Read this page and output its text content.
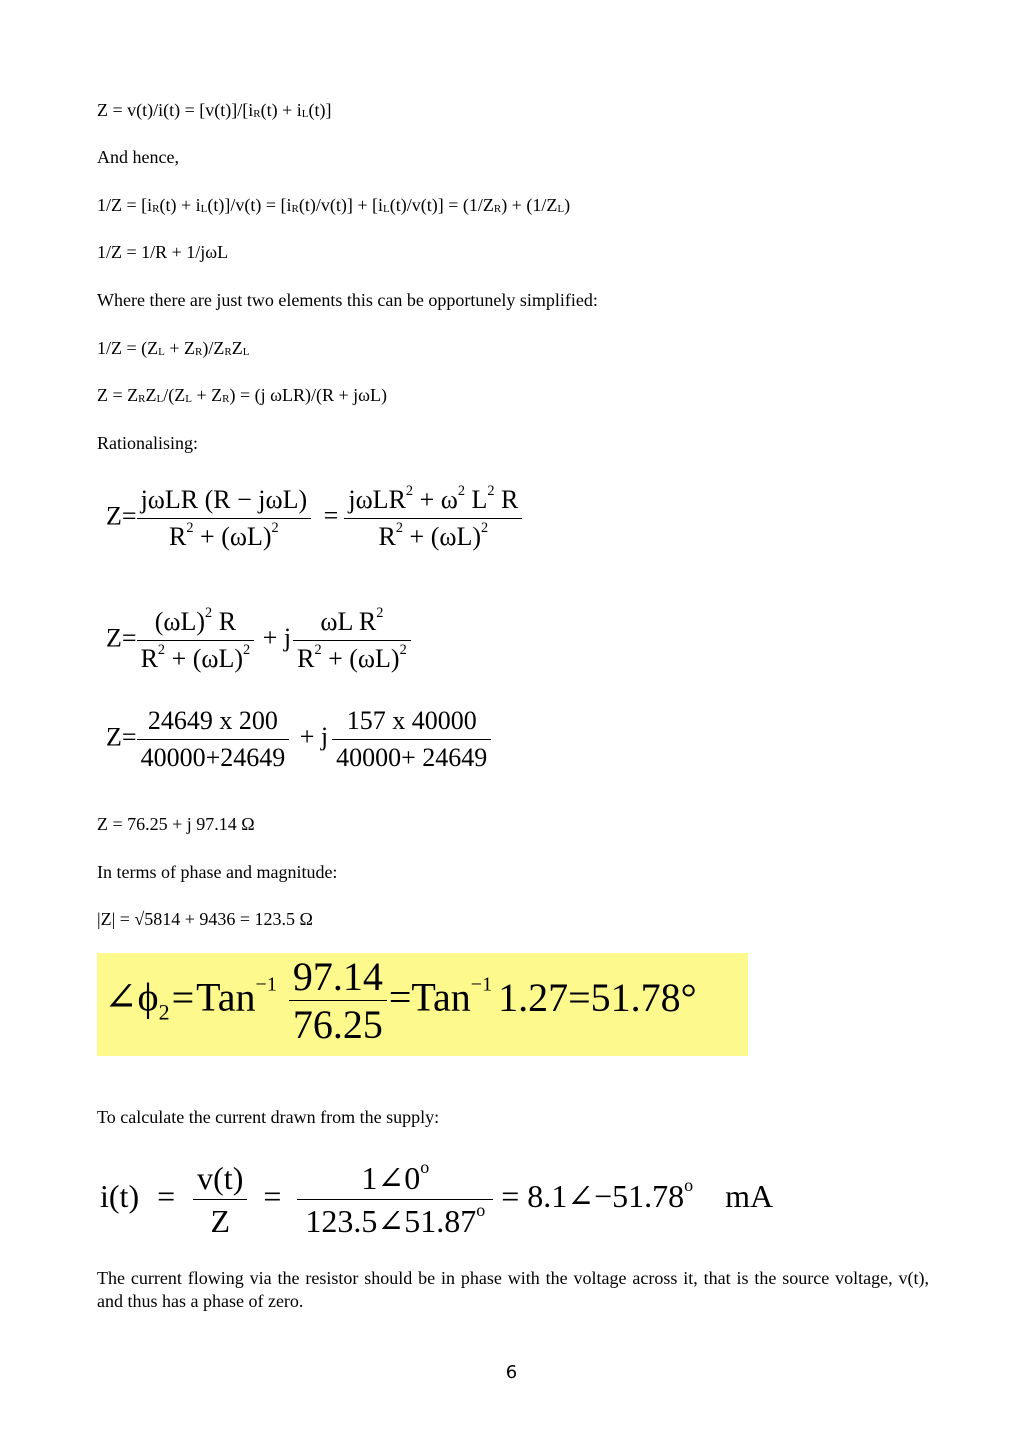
$Z = v(t)/i(t) = [v(t)]/[i_R(t) + i_L(t)]$
And hence,
$1/Z = [i_R(t) + i_L(t)]/v(t) = [i_R(t)/v(t)] + [i_L(t)/v(t)] = (1/Z_R) + (1/Z_L)$
1/Z = 1/R + 1/jωL
Where there are just two elements this can be opportunely simplified:
$1/Z = (Z_L + Z_R)/Z_RZ_L$
$Z = Z_RZ_L/(Z_L + Z_R) = (j$ ωLR)/(R + jωL)
Rationalising:
$Z= \frac{\text{jωLR (R − jωL)}}{R^2 + (\omega L)^2} = \frac{j\omega LR^2 + \omega^2 L^2 R}{R^2 + (\omega L)^2}$
$Z= \frac{(\omega L)^2 R}{R^2 + (\omega L)^2} + j \frac{\omega L R^2}{R^2 + (\omega L)^2}$
$Z= \frac{24649 x 200}{40000+24649} + j \frac{157 x 40000}{40000+ 24649}$
Z = 76.25 + j 97.14 Ω
In terms of phase and magnitude:
|Z| = √5814 + 9436 = 123.5 Ω
$\angle\phi_2=Tan^{-1} \frac{97.14}{76.25} =Tan^{-1}$ 1.27=51.78°
To calculate the current drawn from the supply:
$i(t) = \frac{v(t)}{Z} = \frac{1\angle 0^o}{123.5\angle 51.87^o}$ = $8.1\angle-51.78^o$ mA
The current flowing via the resistor should be in phase with the voltage across it, that is the source voltage, v(t), and thus has a phase of zero.
6
